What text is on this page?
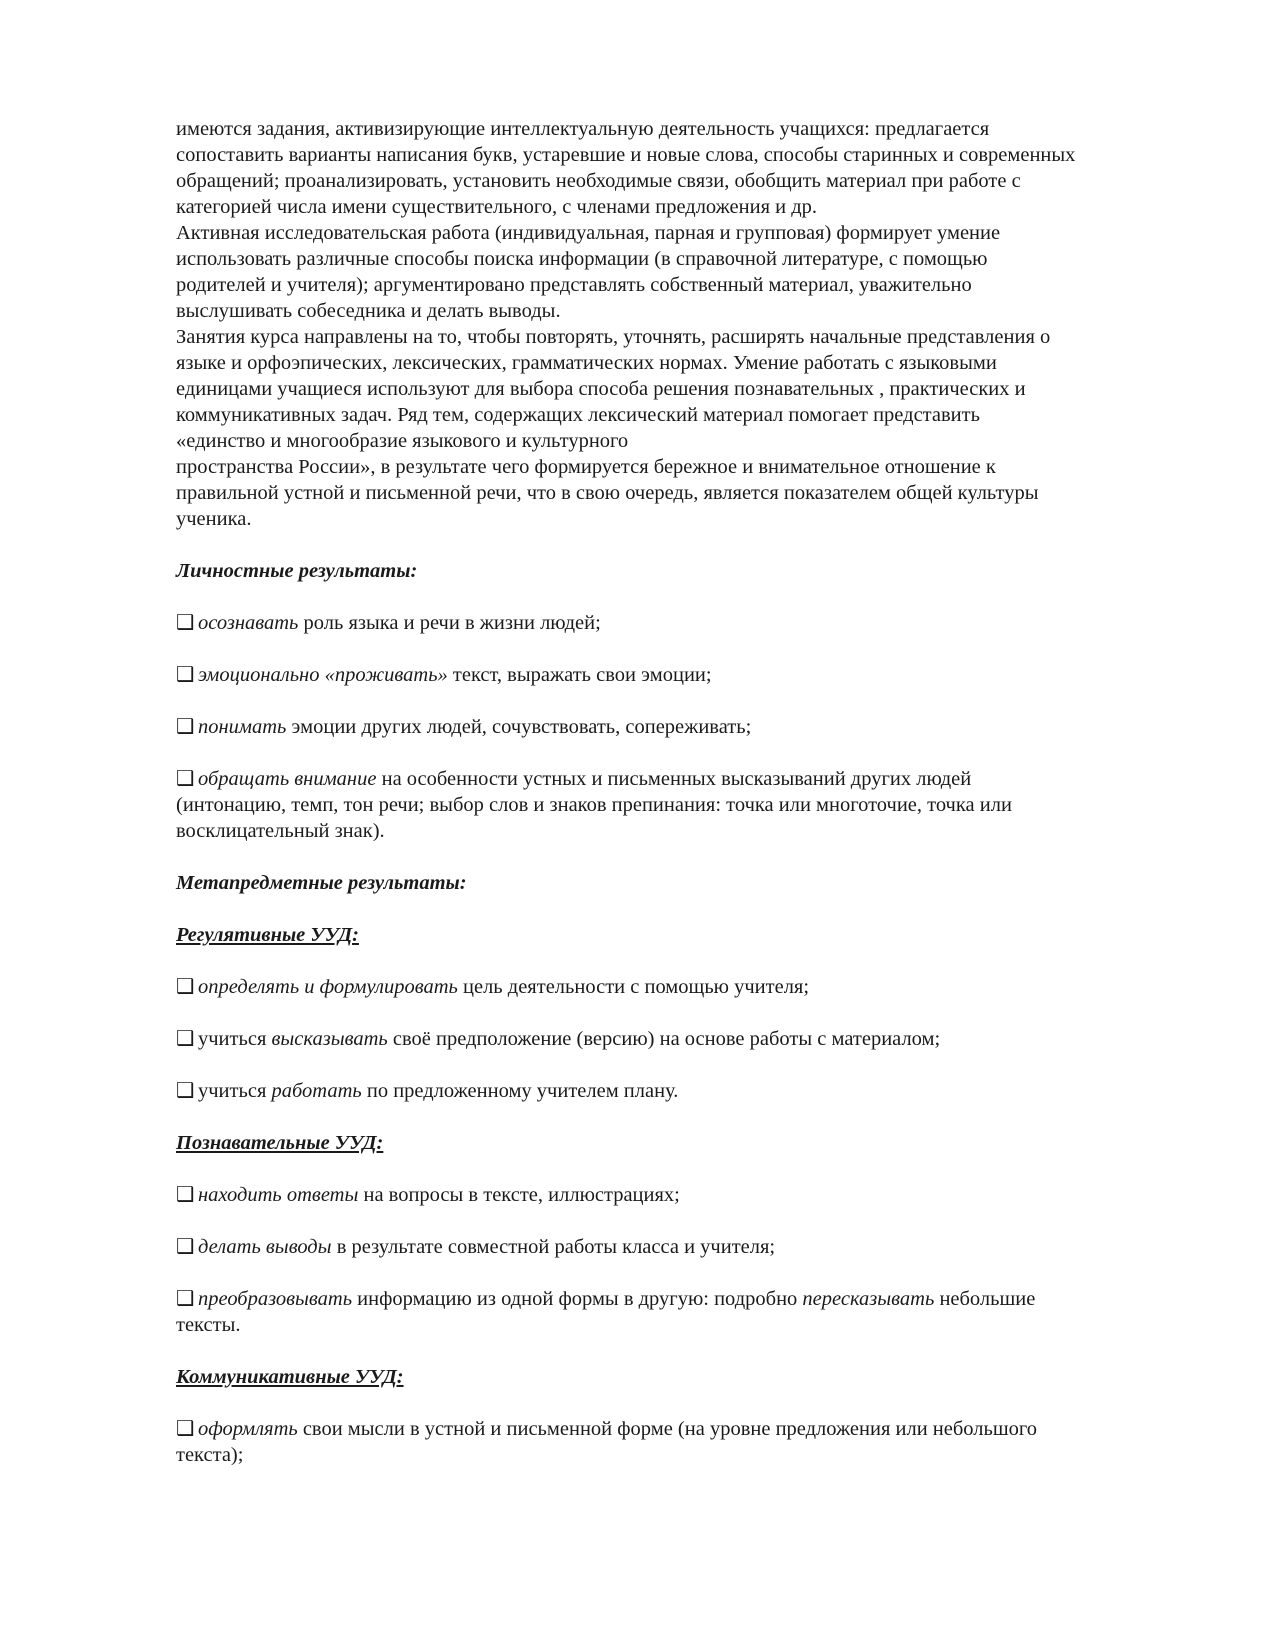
имеются задания, активизирующие интеллектуальную деятельность учащихся: предлагается
сопоставить варианты написания букв, устаревшие и новые слова, способы старинных и современных
обращений; проанализировать, установить необходимые связи, обобщить материал при работе с
категорией числа имени существительного, с членами предложения и др.
Активная исследовательская работа (индивидуальная, парная и групповая) формирует умение
использовать различные способы поиска информации (в справочной литературе, с помощью
родителей и учителя); аргументировано представлять собственный материал, уважительно
выслушивать собеседника и делать выводы.
Занятия курса направлены на то, чтобы повторять, уточнять, расширять начальные представления о
языке и орфоэпических, лексических, грамматических нормах. Умение работать с языковыми
единицами учащиеся используют для выбора способа решения познавательных , практических и
коммуникативных задач. Ряд тем, содержащих лексический материал помогает представить
«единство и многообразие языкового и культурного
пространства России», в результате чего формируется бережное и внимательное отношение к
правильной устной и письменной речи, что в свою очередь, является показателем общей культуры
ученика.
Личностные результаты:
❑ осознавать роль языка и речи в жизни людей;
❑ эмоционально «проживать» текст, выражать свои эмоции;
❑ понимать эмоции других людей, сочувствовать, сопереживать;
❑ обращать внимание на особенности устных и письменных высказываний других людей
(интонацию, темп, тон речи; выбор слов и знаков препинания: точка или многоточие, точка или
восклицательный знак).
Метапредметные результаты:
Регулятивные УУД:
❑ определять и формулировать цель деятельности с помощью учителя;
❑ учиться высказывать своё предположение (версию) на основе работы с материалом;
❑ учиться работать по предложенному учителем плану.
Познавательные УУД:
❑ находить ответы на вопросы в тексте, иллюстрациях;
❑ делать выводы в результате совместной работы класса и учителя;
❑ преобразовывать информацию из одной формы в другую: подробно пересказывать небольшие
тексты.
Коммуникативные УУД:
❑ оформлять свои мысли в устной и письменной форме (на уровне предложения или небольшого
текста);
